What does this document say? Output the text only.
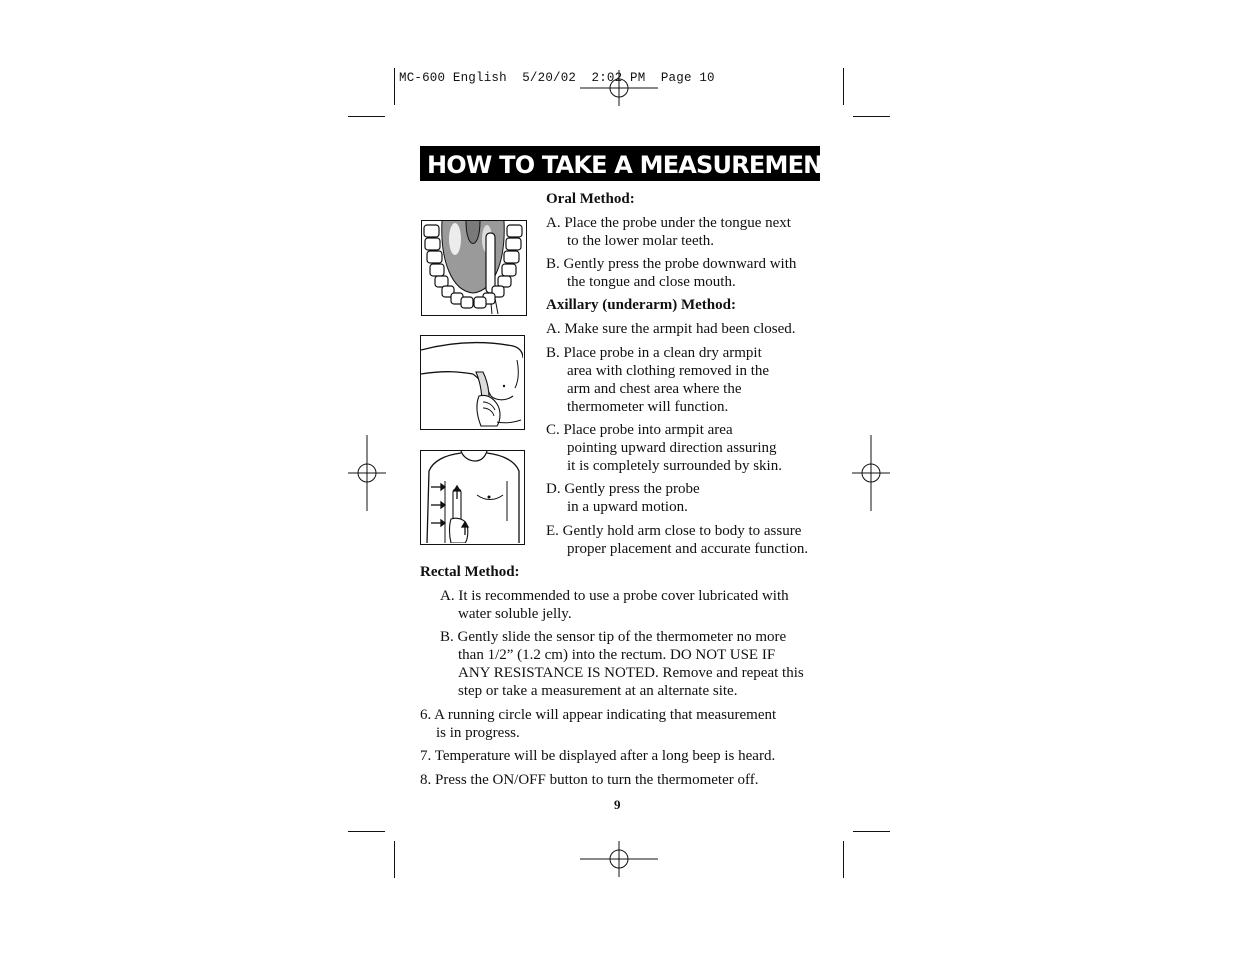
MC-600 English  5/20/02  2:02 PM  Page 10
HOW TO TAKE A MEASUREMENT
Oral Method:
A. Place the probe under the tongue next
to the lower molar teeth.
B. Gently press the probe downward with
the tongue and close mouth.
Axillary (underarm) Method:
A. Make sure the armpit had been closed.
B. Place probe in a clean dry armpit
area with clothing removed in the
arm and chest area where the
thermometer will function.
C. Place probe into armpit area
pointing upward direction assuring
it is completely surrounded by skin.
D. Gently press the probe
in a upward motion.
E. Gently hold arm close to body to assure
proper placement and accurate function.
Rectal Method:
A. It is recommended to use a probe cover lubricated with
water soluble jelly.
B. Gently slide the sensor tip of the thermometer no more
than 1/2” (1.2 cm) into the rectum. DO NOT USE IF
ANY RESISTANCE IS NOTED. Remove and repeat this
step or take a measurement at an alternate site.
6. A running circle will appear indicating that measurement
is in progress.
7. Temperature will be displayed after a long beep is heard.
8. Press the ON/OFF button to turn the thermometer off.
9
